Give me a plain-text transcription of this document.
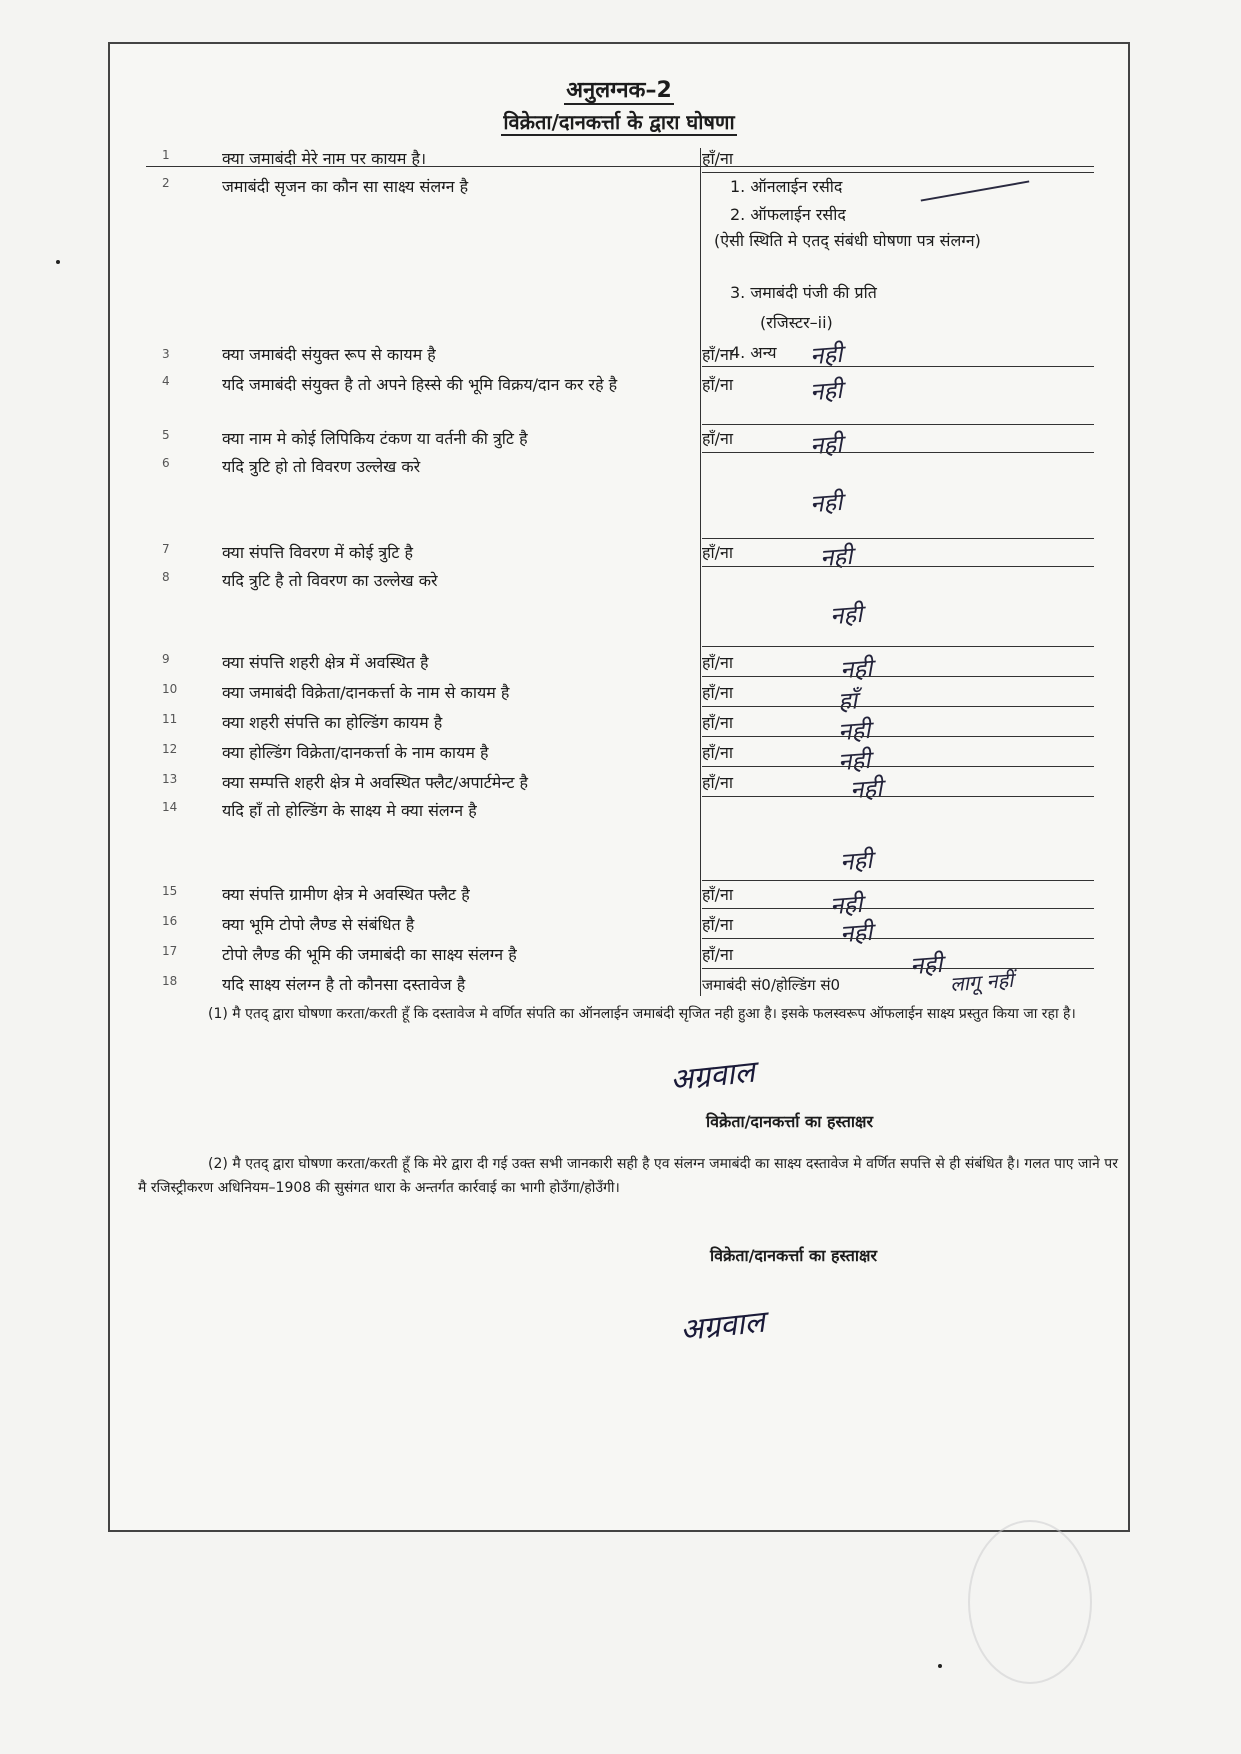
अनुलग्नक–2
विक्रेता/दानकर्त्ता के द्वारा घोषणा
1	क्या जमाबंदी मेरे नाम पर कायम है।	हाँ/ना
2	जमाबंदी सृजन का कौन सा साक्ष्य संलग्न है	1. ऑनलाईन रसीद
2. ऑफलाईन रसीद
(ऐसी स्थिति मे एतद् संबंधी घोषणा पत्र संलग्न)
3. जमाबंदी पंजी की प्रति
(रजिस्टर–ii)
4. अन्य
3	क्या जमाबंदी संयुक्त रूप से कायम है	हाँ/ना	नही
4	यदि जमाबंदी संयुक्त है तो अपने हिस्से की भूमि विक्रय/दान कर रहे है	हाँ/ना	नही
5	क्या नाम मे कोई लिपिकिय टंकण या वर्तनी की त्रुटि है	हाँ/ना	नही
6	यदि त्रुटि हो तो विवरण उल्लेख करे
नही
7	क्या संपत्ति विवरण में कोई त्रुटि है	हाँ/ना	नही
8	यदि त्रुटि है तो विवरण का उल्लेख करे
नही
9	क्या संपत्ति शहरी क्षेत्र में अवस्थित है	हाँ/ना	नही
10	क्या जमाबंदी विक्रेता/दानकर्त्ता के नाम से कायम है	हाँ/ना	हाँ
11	क्या शहरी संपत्ति का होल्डिंग कायम है	हाँ/ना	नही
12	क्या होल्डिंग विक्रेता/दानकर्त्ता के नाम कायम है	हाँ/ना	नही
13	क्या सम्पत्ति शहरी क्षेत्र मे अवस्थित फ्लैट/अपार्टमेन्ट है	हाँ/ना	नही
14	यदि हाँ तो होल्डिंग के साक्ष्य मे क्या संलग्न है
नही
15	क्या संपत्ति ग्रामीण क्षेत्र मे अवस्थित फ्लैट है	हाँ/ना	नही
16	क्या भूमि टोपो लैण्ड से संबंधित है	हाँ/ना	नही
17	टोपो लैण्ड की भूमि की जमाबंदी का साक्ष्य संलग्न है	हाँ/ना	नही
18	यदि साक्ष्य संलग्न है तो कौनसा दस्तावेज है	जमाबंदी सं0/होल्डिंग सं0	लागू नहीं
(1) मै एतद् द्वारा घोषणा करता/करती हूँ कि दस्तावेज मे वर्णित संपति का ऑनलाईन जमाबंदी सृजित नही हुआ है। इसके फलस्वरूप ऑफलाईन साक्ष्य प्रस्तुत किया जा रहा है।
अग्रवाल
विक्रेता/दानकर्त्ता का हस्ताक्षर
(2) मै एतद् द्वारा घोषणा करता/करती हूँ कि मेरे द्वारा दी गई उक्त सभी जानकारी सही है एव संलग्न जमाबंदी का साक्ष्य दस्तावेज मे वर्णित सपत्ति से ही संबंधित है। गलत पाए जाने पर मै रजिस्ट्रीकरण अधिनियम–1908 की सुसंगत धारा के अन्तर्गत कार्रवाई का भागी होउँगा/होउँगी।
विक्रेता/दानकर्त्ता का हस्ताक्षर
अग्रवाल
